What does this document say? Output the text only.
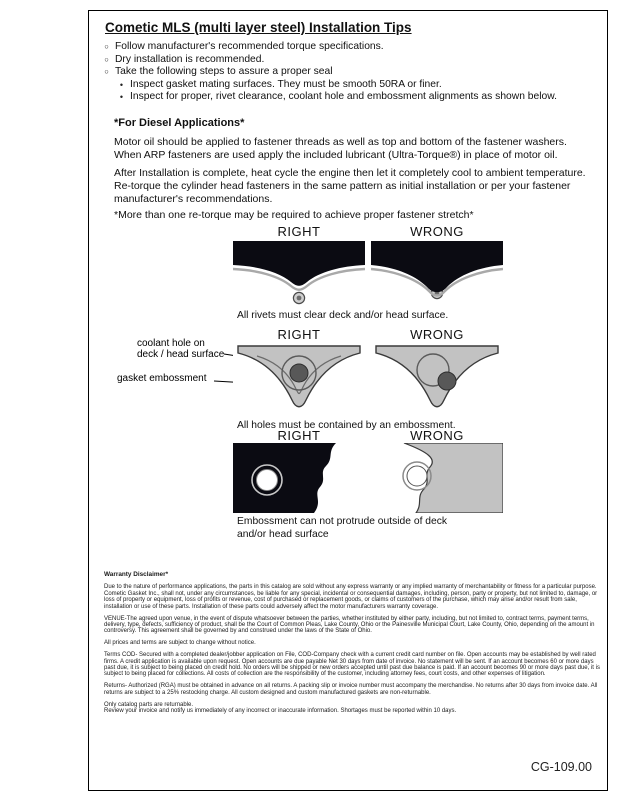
Cometic MLS (multi layer steel) Installation Tips
○ Follow manufacturer's recommended torque specifications.
○ Dry installation is recommended.
○ Take the following steps to assure a proper seal
• Inspect gasket mating surfaces. They must be smooth 50RA or finer.
• Inspect for proper, rivet clearance, coolant hole and embossment alignments as shown below.
*For Diesel Applications*
Motor oil should be applied to fastener threads as well as top and bottom of the fastener washers. When ARP fasteners are used apply the included lubricant (Ultra-Torque®) in place of motor oil.
After Installation is complete, heat cycle the engine then let it completely cool to ambient temperature. Re-torque the cylinder head fasteners in the same pattern as initial installation or per your fastener manufacturer's recommendations.
*More than one re-torque may be required to achieve proper fastener stretch*
RIGHT	WRONG
All rivets must clear deck and/or head surface.
RIGHT	WRONG
coolant hole on
deck / head surface
gasket embossment
All holes must be contained by an embossment.
RIGHT	WRONG
Embossment can not protrude outside of deck and/or head surface
Warranty Disclaimer*

Due to the nature of performance applications, the parts in this catalog are sold without any express warranty or any implied warranty of merchantability or fitness for a particular purpose. Cometic Gasket Inc., shall not, under any circumstances, be liable for any special, incidental or consequential damages, including, person, party or property, but not limited to, damage, or loss of property or equipment, loss of profits or revenue, cost of purchased or replacement goods, or claims of customers of the purchase, which may arise and/or result from sale, installation or use of these parts. Installation of these parts could adversely affect the motor manufacturers warranty coverage.

VENUE-The agreed upon venue, in the event of dispute whatsoever between the parties, whether instituted by either party, including, but not limited to, contract terms, payment terms, delivery, type, defects, sufficiency of product, shall be the Court of Common Pleas, Lake County, Ohio or the Painesville Municipal Court, Lake County, Ohio, depending on the amount in controversy. This agreement shall be governed by and construed under the laws of the State of Ohio.

All prices and terms are subject to change without notice.

Terms COD- Secured with a completed dealer/jobber application on File, COD-Company check with a current credit card number on file. Open accounts may be established by well rated firms. A credit application is available upon request. Open accounts are due payable Net 30 days from date of invoice. No statement will be sent. If an account becomes 60 or more days past due, it is subject to being placed on credit hold. No orders will be shipped or new orders accepted until past due balance is paid. If an account becomes 90 or more days past due, it is subject to being placed for collections. All costs of collection are the responsibility of the customer, including attorney fees, court costs, and other expenses of litigation.

Returns- Authorized (RGA) must be obtained in advance on all returns. A packing slip or invoice number must accompany the merchandise. No returns after 30 days from invoice date. All returns are subject to a 25% restocking charge. All custom designed and custom manufactured gaskets are non-returnable.

Only catalog parts are returnable.

Review your invoice and notify us immediately of any incorrect or inaccurate information. Shortages must be reported within 10 days.

CG-109.00
